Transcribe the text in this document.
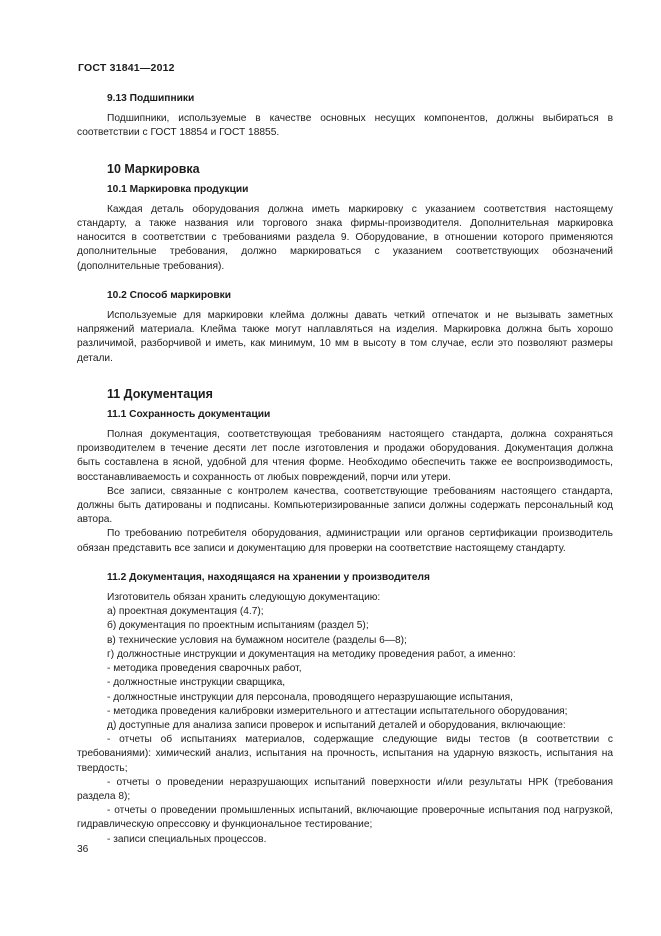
ГОСТ 31841—2012
9.13 Подшипники

Подшипники, используемые в качестве основных несущих компонентов, должны выбираться в соответствии с ГОСТ 18854 и ГОСТ 18855.

10 Маркировка
10.1 Маркировка продукции

Каждая деталь оборудования должна иметь маркировку с указанием соответствия настоящему стандарту, а также названия или торгового знака фирмы-производителя. Дополнительная маркировка наносится в соответствии с требованиями раздела 9. Оборудование, в отношении которого применяются дополнительные требования, должно маркироваться с указанием соответствующих обозначений (дополнительные требования).

10.2 Способ маркировки

Используемые для маркировки клейма должны давать четкий отпечаток и не вызывать заметных напряжений материала. Клейма также могут наплавляться на изделия. Маркировка должна быть хорошо различимой, разборчивой и иметь, как минимум, 10 мм в высоту в том случае, если это позволяют размеры детали.

11 Документация
11.1 Сохранность документации

Полная документация, соответствующая требованиям настоящего стандарта, должна сохраняться производителем в течение десяти лет после изготовления и продажи оборудования. Документация должна быть составлена в ясной, удобной для чтения форме. Необходимо обеспечить также ее воспроизводимость, восстанавливаемость и сохранность от любых повреждений, порчи или утери.

Все записи, связанные с контролем качества, соответствующие требованиям настоящего стандарта, должны быть датированы и подписаны. Компьютеризированные записи должны содержать персональный код автора.

По требованию потребителя оборудования, администрации или органов сертификации производитель обязан представить все записи и документацию для проверки на соответствие настоящему стандарту.

11.2 Документация, находящаяся на хранении у производителя

Изготовитель обязан хранить следующую документацию:

а) проектная документация (4.7);

б) документация по проектным испытаниям (раздел 5);

в) технические условия на бумажном носителе (разделы 6—8);

г) должностные инструкции и документация на методику проведения работ, а именно:

- методика проведения сварочных работ,

- должностные инструкции сварщика,

- должностные инструкции для персонала, проводящего неразрушающие испытания,

- методика проведения калибровки измерительного и аттестации испытательного оборудования;

д) доступные для анализа записи проверок и испытаний деталей и оборудования, включающие:

- отчеты об испытаниях материалов, содержащие следующие виды тестов (в соответствии с требованиями): химический анализ, испытания на прочность, испытания на ударную вязкость, испытания на твердость;

- отчеты о проведении неразрушающих испытаний поверхности и/или результаты НРК (требования раздела 8);

- отчеты о проведении промышленных испытаний, включающие проверочные испытания под нагрузкой, гидравлическую опрессовку и функциональное тестирование;

- записи специальных процессов.

36
